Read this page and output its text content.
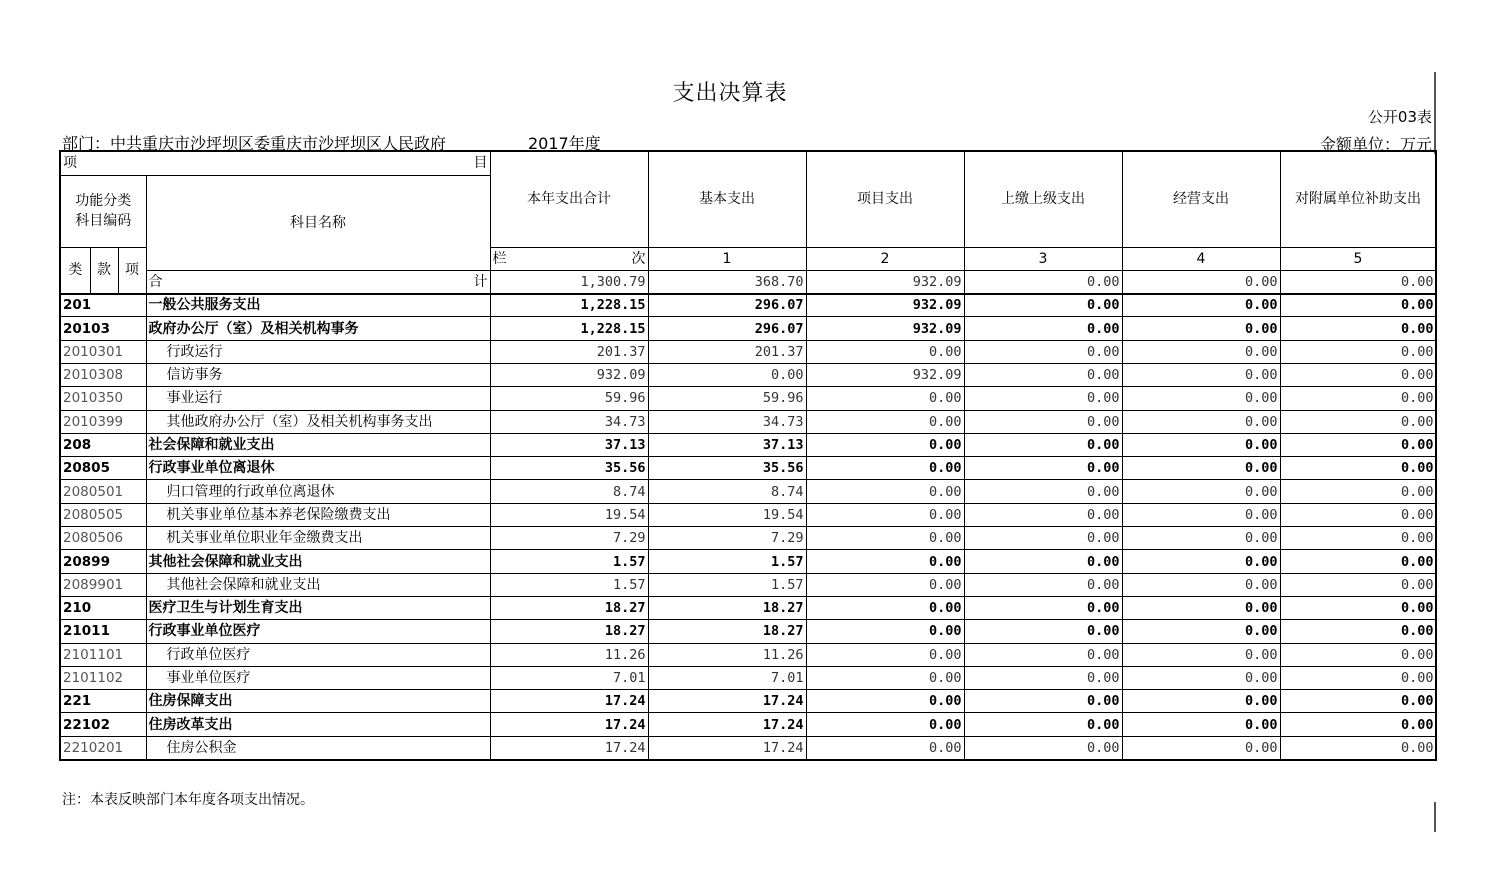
支出决算表
公开03表
部门：中共重庆市沙坪坝区委重庆市沙坪坝区人民政府	2017年度	金额单位：万元
项 目				本年支出合计	基本支出	项目支出	上缴上级支出	经营支出	对附属单位补助支出	
功能分类
科目编码			科目名称							
类	款	项								

				栏 次	1	2	3	4	5	

			合 计	1,300.79	368.70	932.09	0.00	0.00	0.00	
201			一般公共服务支出	1,228.15	296.07	932.09	0.00	0.00	0.00	
20103			政府办公厅（室）及相关机构事务	1,228.15	296.07	932.09	0.00	0.00	0.00	
2010301			行政运行	201.37	201.37	0.00	0.00	0.00	0.00	
2010308			信访事务	932.09	0.00	932.09	0.00	0.00	0.00	
2010350			事业运行	59.96	59.96	0.00	0.00	0.00	0.00	
2010399			其他政府办公厅（室）及相关机构事务支出	34.73	34.73	0.00	0.00	0.00	0.00	
208			社会保障和就业支出	37.13	37.13	0.00	0.00	0.00	0.00	
20805			行政事业单位离退休	35.56	35.56	0.00	0.00	0.00	0.00	
2080501			归口管理的行政单位离退休	8.74	8.74	0.00	0.00	0.00	0.00	
2080505			机关事业单位基本养老保险缴费支出	19.54	19.54	0.00	0.00	0.00	0.00	
2080506			机关事业单位职业年金缴费支出	7.29	7.29	0.00	0.00	0.00	0.00	
20899			其他社会保障和就业支出	1.57	1.57	0.00	0.00	0.00	0.00	
2089901			其他社会保障和就业支出	1.57	1.57	0.00	0.00	0.00	0.00	
210			医疗卫生与计划生育支出	18.27	18.27	0.00	0.00	0.00	0.00	
21011			行政事业单位医疗	18.27	18.27	0.00	0.00	0.00	0.00	
2101101			行政单位医疗	11.26	11.26	0.00	0.00	0.00	0.00	
2101102			事业单位医疗	7.01	7.01	0.00	0.00	0.00	0.00	
221			住房保障支出	17.24	17.24	0.00	0.00	0.00	0.00	
22102			住房改革支出	17.24	17.24	0.00	0.00	0.00	0.00	
2210201			住房公积金	17.24	17.24	0.00	0.00	0.00	0.00	
注：本表反映部门本年度各项支出情况。
